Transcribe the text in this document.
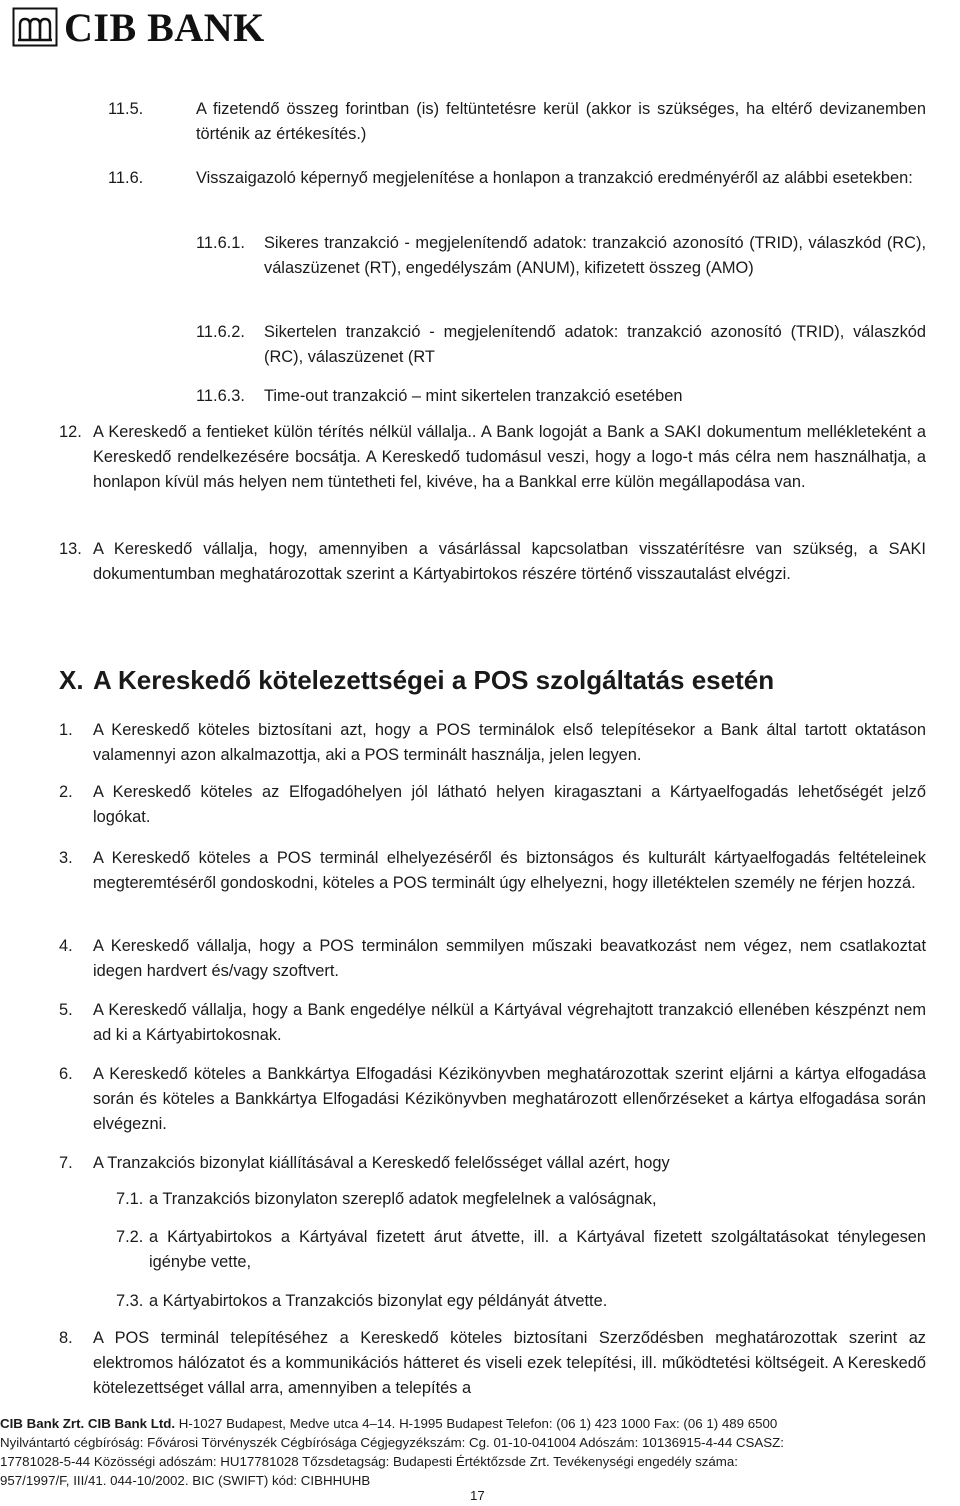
CIB BANK
11.5.	A fizetendő összeg forintban (is) feltüntetésre kerül (akkor is szükséges, ha eltérő devizanemben történik az értékesítés.)
11.6.	Visszaigazoló képernyő megjelenítése a honlapon a tranzakció eredményéről az alábbi esetekben:
11.6.1. Sikeres tranzakció - megjelenítendő adatok: tranzakció azonosító (TRID), válaszkód (RC), válaszüzenet (RT), engedélyszám (ANUM), kifizetett összeg (AMO)
11.6.2. Sikertelen tranzakció - megjelenítendő adatok: tranzakció azonosító (TRID), válaszkód (RC), válaszüzenet (RT
11.6.3. Time-out tranzakció – mint sikertelen tranzakció esetében
12. A Kereskedő a fentieket külön térítés nélkül vállalja.. A Bank logoját a Bank a SAKI dokumentum mellékleteként a Kereskedő rendelkezésére bocsátja. A Kereskedő tudomásul veszi, hogy a logo-t más célra nem használhatja, a honlapon kívül más helyen nem tüntetheti fel, kivéve, ha a Bankkal erre külön megállapodása van.
13. A Kereskedő vállalja, hogy, amennyiben a vásárlással kapcsolatban visszatérítésre van szükség, a SAKI dokumentumban meghatározottak szerint a Kártyabirtokos részére történő visszautalást elvégzi.
X. A Kereskedő kötelezettségei a POS szolgáltatás esetén
1. A Kereskedő köteles biztosítani azt, hogy a POS terminálok első telepítésekor a Bank által tartott oktatáson valamennyi azon alkalmazottja, aki a POS terminált használja, jelen legyen.
2. A Kereskedő köteles az Elfogadóhelyen jól látható helyen kiragasztani a Kártyaelfogadás lehetőségét jelző logókat.
3. A Kereskedő köteles a POS terminál elhelyezéséről és biztonságos és kulturált kártyaelfogadás feltételeinek megteremtéséről gondoskodni, köteles a POS terminált úgy elhelyezni, hogy illetéktelen személy ne férjen hozzá.
4. A Kereskedő vállalja, hogy a POS terminálon semmilyen műszaki beavatkozást nem végez, nem csatlakoztat idegen hardvert és/vagy szoftvert.
5. A Kereskedő vállalja, hogy a Bank engedélye nélkül a Kártyával végrehajtott tranzakció ellenében készpénzt nem ad ki a Kártyabirtokosnak.
6. A Kereskedő köteles a Bankkártya Elfogadási Kézikönyvben meghatározottak szerint eljárni a kártya elfogadása során és köteles a Bankkártya Elfogadási Kézikönyvben meghatározott ellenőrzéseket a kártya elfogadása során elvégezni.
7. A Tranzakciós bizonylat kiállításával a Kereskedő felelősséget vállal azért, hogy
7.1. a Tranzakciós bizonylaton szereplő adatok megfelelnek a valóságnak,
7.2. a Kártyabirtokos a Kártyával fizetett árut átvette, ill. a Kártyával fizetett szolgáltatásokat ténylegesen igénybe vette,
7.3. a Kártyabirtokos a Tranzakciós bizonylat egy példányát átvette.
8. A POS terminál telepítéséhez a Kereskedő köteles biztosítani Szerződésben meghatározottak szerint az elektromos hálózatot és a kommunikációs hátteret és viseli ezek telepítési, ill. működtetési költségeit. A Kereskedő kötelezettséget vállal arra, amennyiben a telepítés a
CIB Bank Zrt. CIB Bank Ltd. H-1027 Budapest, Medve utca 4–14. H-1995 Budapest Telefon: (06 1) 423 1000 Fax: (06 1) 489 6500
Nyilvántartó cégbíróság: Fővárosi Törvényszék Cégbírósága Cégjegyzékszám: Cg. 01-10-041004 Adószám: 10136915-4-44 CSASZ:
17781028-5-44 Közösségi adószám: HU17781028 Tőzsdetagság: Budapesti Értéktőzsde Zrt. Tevékenységi engedély száma:
957/1997/F, III/41. 044-10/2002. BIC (SWIFT) kód: CIBHHUHB
17
